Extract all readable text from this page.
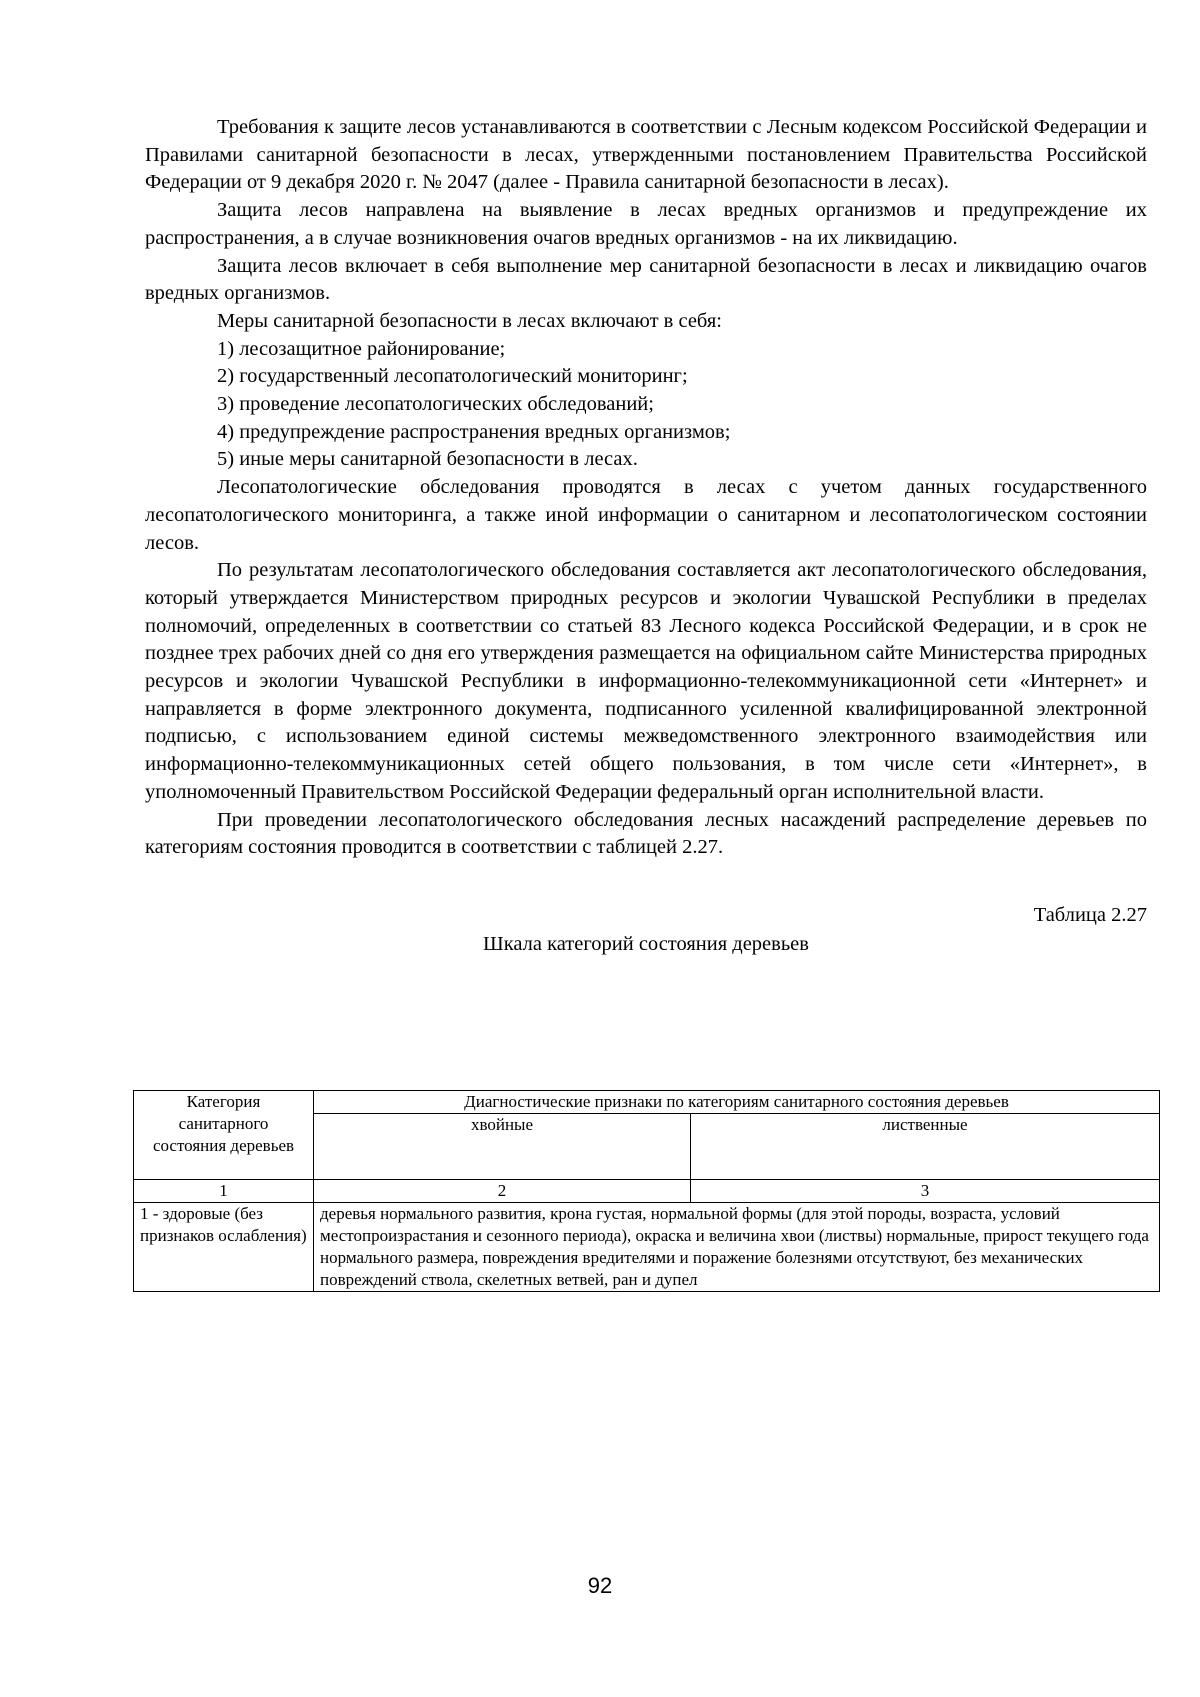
Требования к защите лесов устанавливаются в соответствии с Лесным кодексом Российской Федерации и Правилами санитарной безопасности в лесах, утвержденными постановлением Правительства Российской Федерации от 9 декабря 2020 г. № 2047 (далее - Правила санитарной безопасности в лесах).

Защита лесов направлена на выявление в лесах вредных организмов и предупреждение их распространения, а в случае возникновения очагов вредных организмов - на их ликвидацию.

Защита лесов включает в себя выполнение мер санитарной безопасности в лесах и ликвидацию очагов вредных организмов.

Меры санитарной безопасности в лесах включают в себя:

1) лесозащитное районирование;

2) государственный лесопатологический мониторинг;

3) проведение лесопатологических обследований;

4) предупреждение распространения вредных организмов;

5) иные меры санитарной безопасности в лесах.

Лесопатологические обследования проводятся в лесах с учетом данных государственного лесопатологического мониторинга, а также иной информации о санитарном и лесопатологическом состоянии лесов.

По результатам лесопатологического обследования составляется акт лесопатологического обследования, который утверждается Министерством природных ресурсов и экологии Чувашской Республики в пределах полномочий, определенных в соответствии со статьей 83 Лесного кодекса Российской Федерации, и в срок не позднее трех рабочих дней со дня его утверждения размещается на официальном сайте Министерства природных ресурсов и экологии Чувашской Республики в информационно-телекоммуникационной сети «Интернет» и направляется в форме электронного документа, подписанного усиленной квалифицированной электронной подписью, с использованием единой системы межведомственного электронного взаимодействия или информационно-телекоммуникационных сетей общего пользования, в том числе сети «Интернет», в уполномоченный Правительством Российской Федерации федеральный орган исполнительной власти.

При проведении лесопатологического обследования лесных насаждений распределение деревьев по категориям состояния проводится в соответствии с таблицей 2.27.

Таблица 2.27

Шкала категорий состояния деревьев

Категория санитарного состояния деревьев	Диагностические признаки по категориям санитарного состояния деревьев	
	хвойные	лиственные
1	2	3
1 - здоровые (без признаков ослабления)	деревья нормального развития, крона густая, нормальной формы (для этой породы, возраста, условий местопроизрастания и сезонного периода), окраска и величина хвои (листвы) нормальные, прирост текущего года нормального размера, повреждения вредителями и поражение болезнями отсутствуют, без механических повреждений ствола, скелетных ветвей, ран и дупел	
92
